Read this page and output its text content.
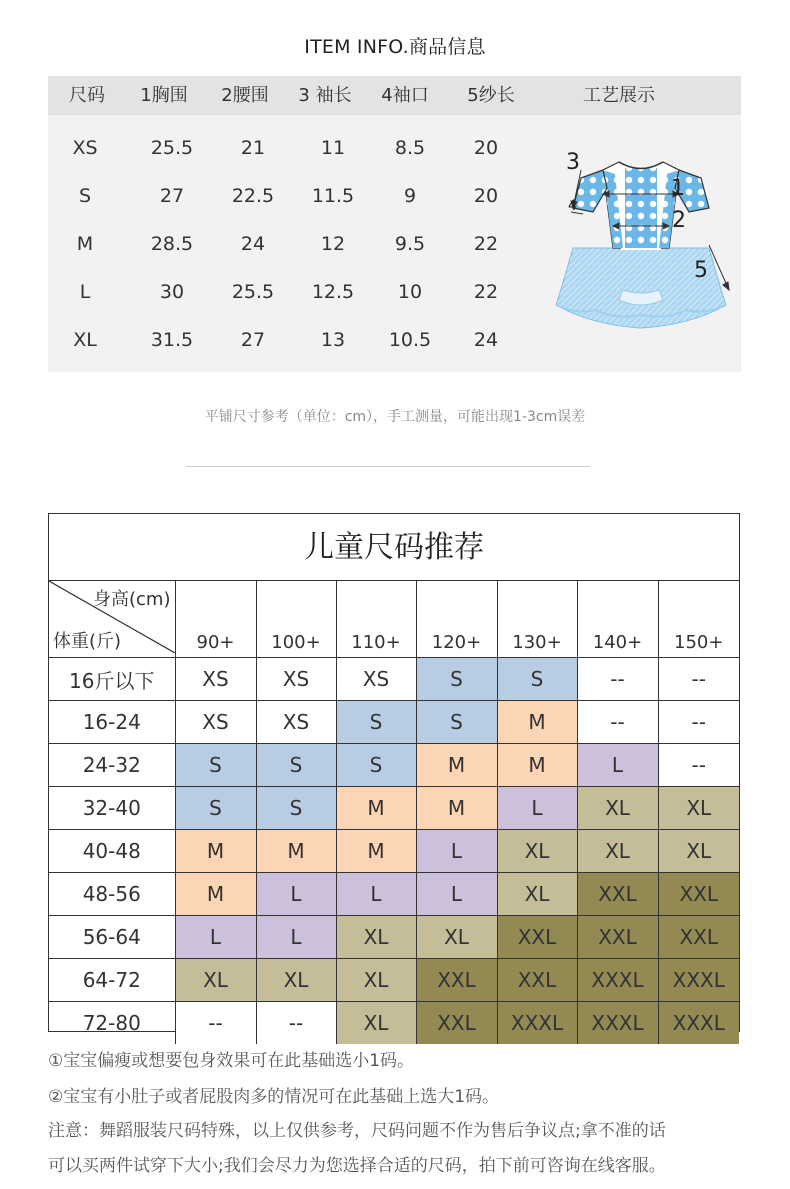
ITEM INFO.商品信息
尺码 1胸围 2腰围 3 袖长 4袖口 5纱长	工艺展示
XS	25.5	21	11	8.5	20
S	27	22.5	11.5	9	20
M	28.5	24	12	9.5	22
L	30	25.5	12.5	10	22
XL	31.5	27	13	10.5	24
1
2
3
4
5
平铺尺寸参考（单位：cm），手工测量，可能出现1-3cm误差
儿童尺码推荐
身高(cm)
体重(斤)	90+	100+	110+	120+	130+	140+	150+
16斤以下	XS	XS	XS	S	S	--	--
16-24	XS	XS	S	S	M	--	--
24-32	S	S	S	M	M	L	--
32-40	S	S	M	M	L	XL	XL
40-48	M	M	M	L	XL	XL	XL
48-56	M	L	L	L	XL	XXL	XXL
56-64	L	L	XL	XL	XXL	XXL	XXL
64-72	XL	XL	XL	XXL	XXL	XXXL	XXXL
72-80	--	--	XL	XXL	XXXL	XXXL	XXXL
①宝宝偏瘦或想要包身效果可在此基础选小1码。
②宝宝有小肚子或者屁股肉多的情况可在此基础上选大1码。
注意：舞蹈服装尺码特殊，以上仅供参考，尺码问题不作为售后争议点;拿不准的话
可以买两件试穿下大小;我们会尽力为您选择合适的尺码，拍下前可咨询在线客服。
